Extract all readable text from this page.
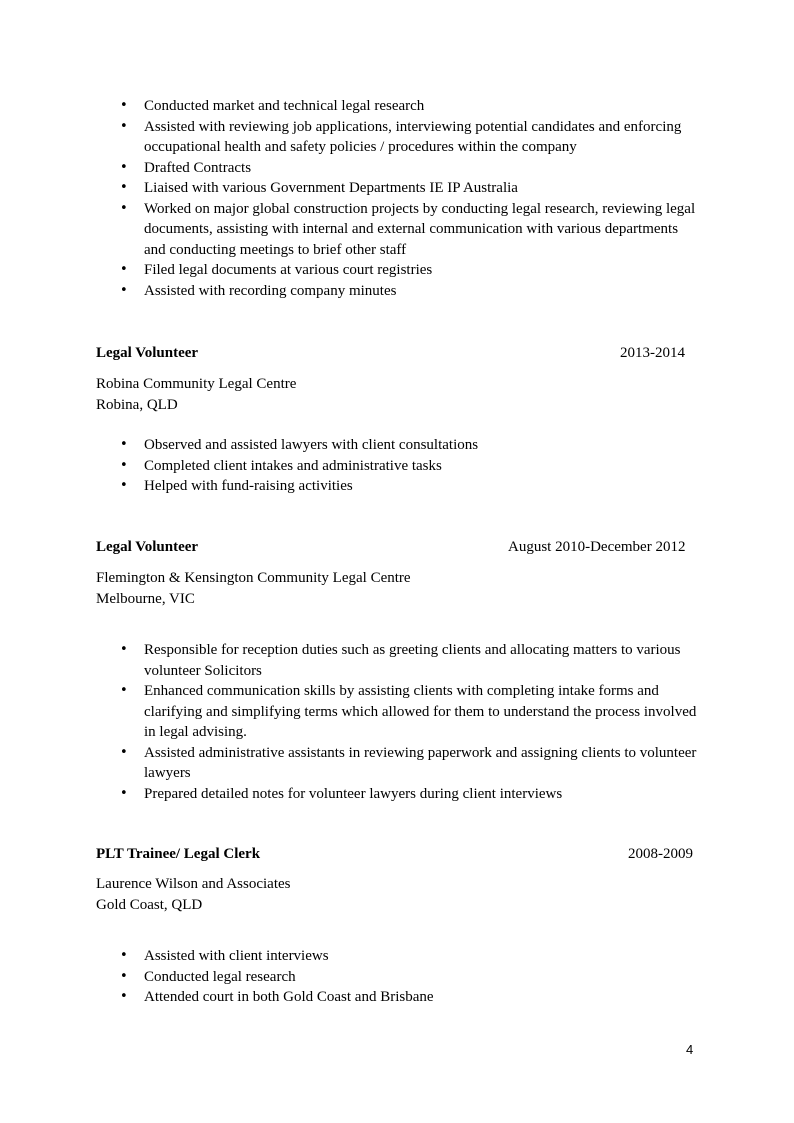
• Conducted market and technical legal research
• Assisted with reviewing job applications, interviewing potential candidates and enforcing occupational health and safety policies / procedures within the company
• Drafted Contracts
• Liaised with various Government Departments IE IP Australia
• Worked on major global construction projects by conducting legal research, reviewing legal documents, assisting with internal and external communication with various departments and conducting meetings to brief other staff
• Filed legal documents at various court registries
• Assisted with recording company minutes
Legal Volunteer	2013-2014
Robina Community Legal Centre
Robina, QLD
• Observed and assisted lawyers with client consultations
• Completed client intakes and administrative tasks
• Helped with fund-raising activities
Legal Volunteer	August 2010-December 2012
Flemington & Kensington Community Legal Centre
Melbourne, VIC
• Responsible for reception duties such as greeting clients and allocating matters to various volunteer Solicitors
• Enhanced communication skills by assisting clients with completing intake forms and clarifying and simplifying terms which allowed for them to understand the process involved in legal advising.
• Assisted administrative assistants in reviewing paperwork and assigning clients to volunteer lawyers
• Prepared detailed notes for volunteer lawyers during client interviews
PLT Trainee/ Legal Clerk	2008-2009
Laurence Wilson and Associates
Gold Coast, QLD
• Assisted with client interviews
• Conducted legal research
• Attended court in both Gold Coast and Brisbane
4
